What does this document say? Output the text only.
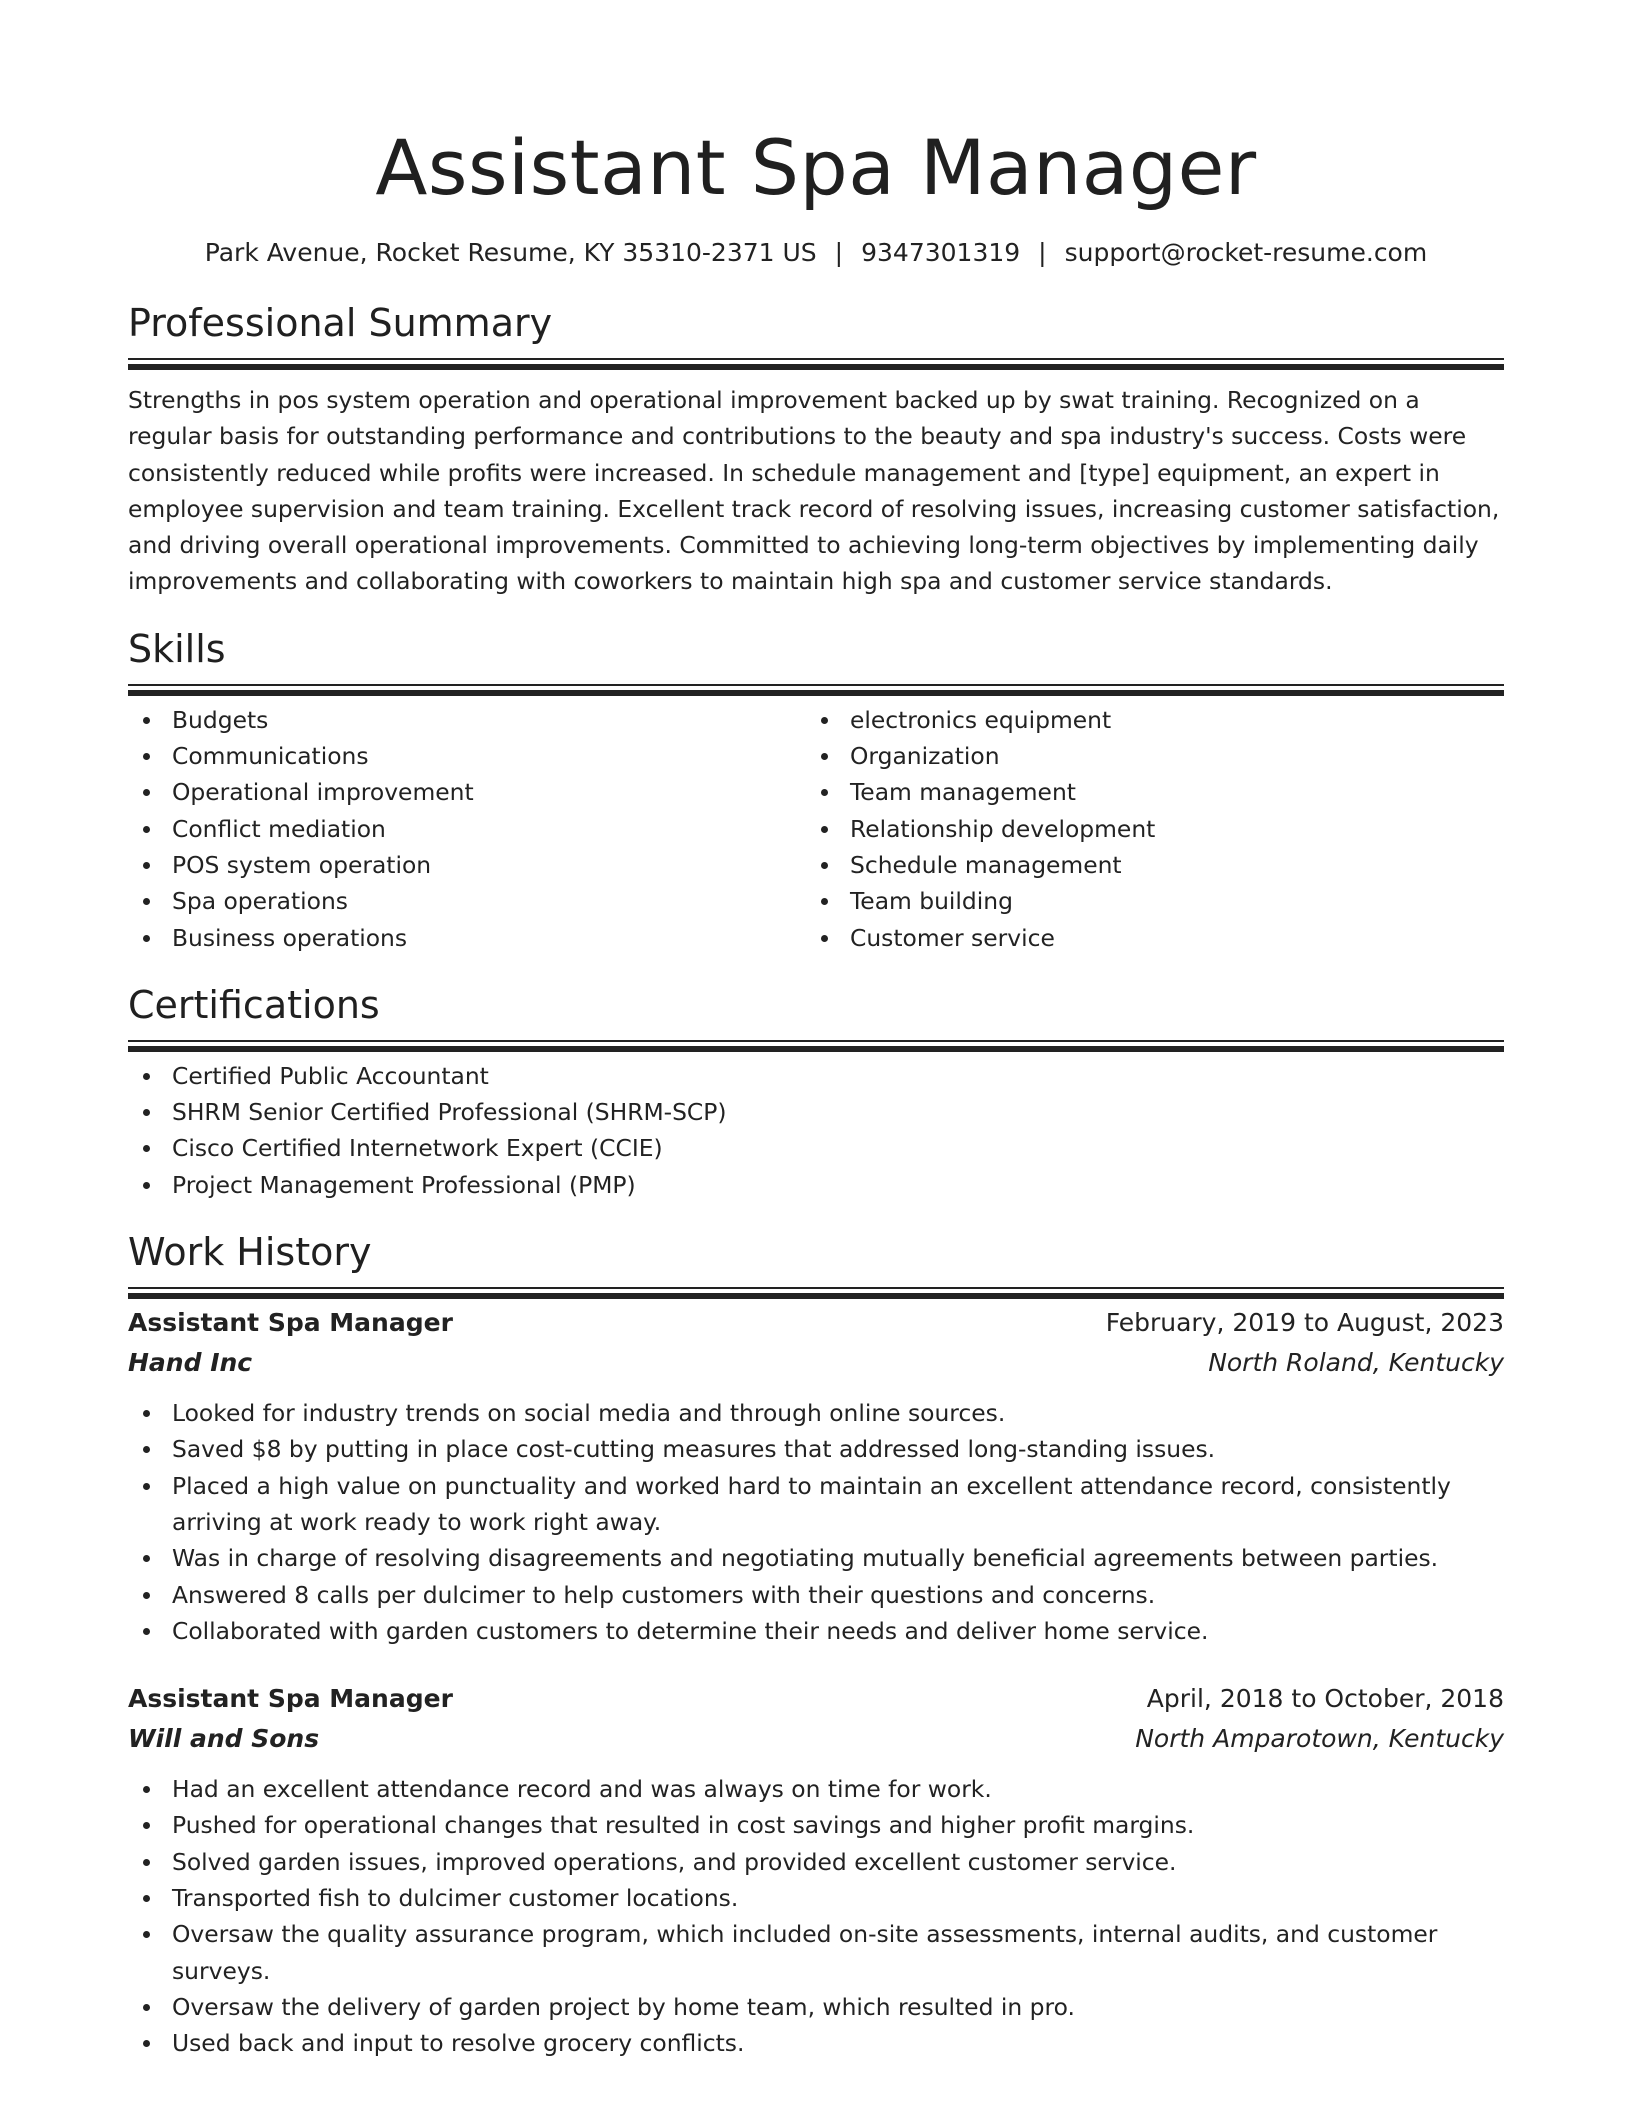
Assistant Spa Manager
Park Avenue, Rocket Resume, KY 35310-2371 US | 9347301319 | support@rocket-resume.com
Professional Summary
Strengths in pos system operation and operational improvement backed up by swat training. Recognized on a regular basis for outstanding performance and contributions to the beauty and spa industry's success. Costs were consistently reduced while profits were increased. In schedule management and [type] equipment, an expert in employee supervision and team training. Excellent track record of resolving issues, increasing customer satisfaction, and driving overall operational improvements. Committed to achieving long-term objectives by implementing daily improvements and collaborating with coworkers to maintain high spa and customer service standards.
Skills
Budgets
Communications
Operational improvement
Conflict mediation
POS system operation
Spa operations
Business operations
electronics equipment
Organization
Team management
Relationship development
Schedule management
Team building
Customer service
Certifications
Certified Public Accountant
SHRM Senior Certified Professional (SHRM-SCP)
Cisco Certified Internetwork Expert (CCIE)
Project Management Professional (PMP)
Work History
Assistant Spa Manager	February, 2019 to August, 2023
Hand Inc	North Roland, Kentucky
Looked for industry trends on social media and through online sources.
Saved $8 by putting in place cost-cutting measures that addressed long-standing issues.
Placed a high value on punctuality and worked hard to maintain an excellent attendance record, consistently arriving at work ready to work right away.
Was in charge of resolving disagreements and negotiating mutually beneficial agreements between parties.
Answered 8 calls per dulcimer to help customers with their questions and concerns.
Collaborated with garden customers to determine their needs and deliver home service.
Assistant Spa Manager	April, 2018 to October, 2018
Will and Sons	North Amparotown, Kentucky
Had an excellent attendance record and was always on time for work.
Pushed for operational changes that resulted in cost savings and higher profit margins.
Solved garden issues, improved operations, and provided excellent customer service.
Transported fish to dulcimer customer locations.
Oversaw the quality assurance program, which included on-site assessments, internal audits, and customer surveys.
Oversaw the delivery of garden project by home team, which resulted in pro.
Used back and input to resolve grocery conflicts.
